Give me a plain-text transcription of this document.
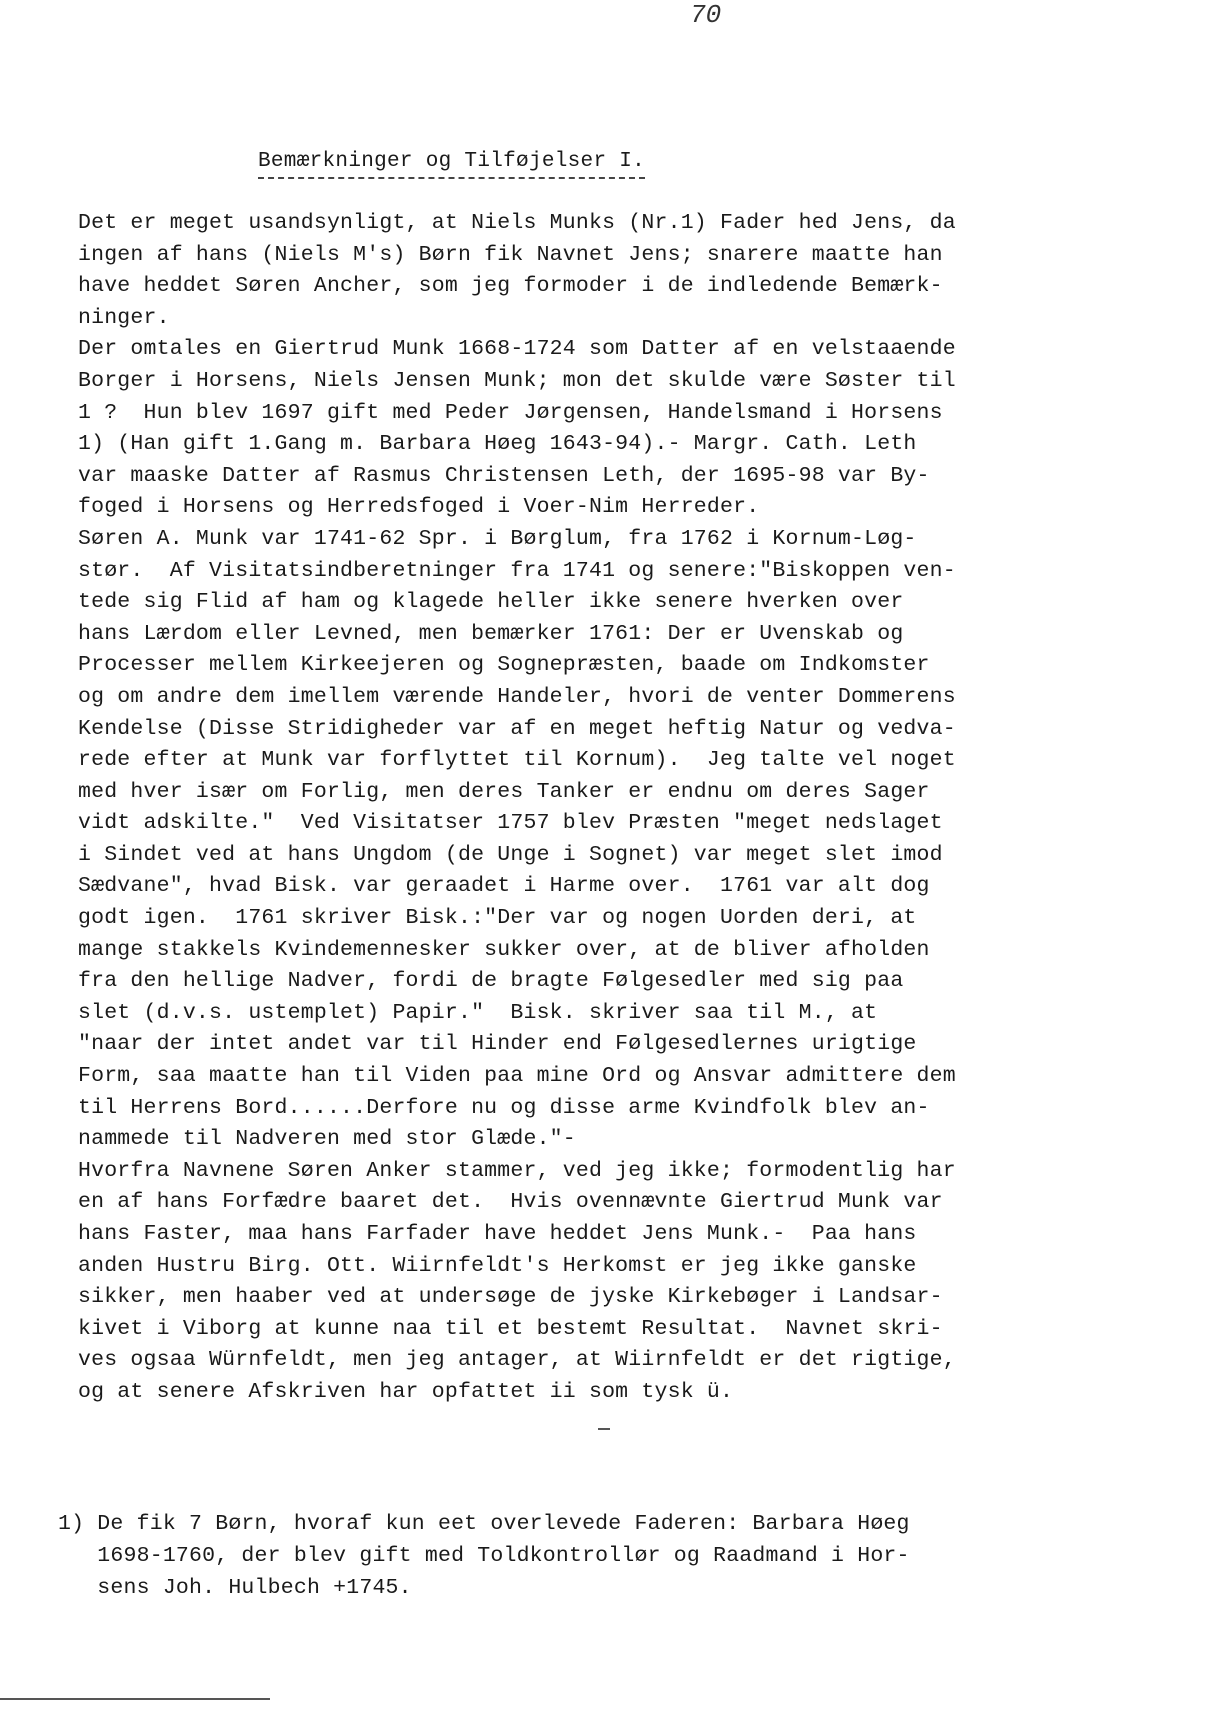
70
Bemærkninger og Tilføjelser I.
Det er meget usandsynligt, at Niels Munks (Nr.1) Fader hed Jens, da
ingen af hans (Niels M's) Børn fik Navnet Jens; snarere maatte han
have heddet Søren Ancher, som jeg formoder i de indledende Bemærk-
ninger.
Der omtales en Giertrud Munk 1668-1724 som Datter af en velstaaende
Borger i Horsens, Niels Jensen Munk; mon det skulde være Søster til
1 ?  Hun blev 1697 gift med Peder Jørgensen, Handelsmand i Horsens
1) (Han gift 1.Gang m. Barbara Høeg 1643-94).- Margr. Cath. Leth
var maaske Datter af Rasmus Christensen Leth, der 1695-98 var By-
foged i Horsens og Herredsfoged i Voer-Nim Herreder.
Søren A. Munk var 1741-62 Spr. i Børglum, fra 1762 i Kornum-Løg-
stør.  Af Visitatsindberetninger fra 1741 og senere:"Biskoppen ven-
tede sig Flid af ham og klagede heller ikke senere hverken over
hans Lærdom eller Levned, men bemærker 1761: Der er Uvenskab og
Processer mellem Kirkeejeren og Sognepræsten, baade om Indkomster
og om andre dem imellem værende Handeler, hvori de venter Dommerens
Kendelse (Disse Stridigheder var af en meget heftig Natur og vedva-
rede efter at Munk var forflyttet til Kornum).  Jeg talte vel noget
med hver især om Forlig, men deres Tanker er endnu om deres Sager
vidt adskilte."  Ved Visitatser 1757 blev Præsten "meget nedslaget
i Sindet ved at hans Ungdom (de Unge i Sognet) var meget slet imod
Sædvane", hvad Bisk. var geraadet i Harme over.  1761 var alt dog
godt igen.  1761 skriver Bisk.:"Der var og nogen Uorden deri, at
mange stakkels Kvindemennesker sukker over, at de bliver afholden
fra den hellige Nadver, fordi de bragte Følgesedler med sig paa
slet (d.v.s. ustemplet) Papir."  Bisk. skriver saa til M., at
"naar der intet andet var til Hinder end Følgesedlernes urigtige
Form, saa maatte han til Viden paa mine Ord og Ansvar admittere dem
til Herrens Bord......Derfore nu og disse arme Kvindfolk blev an-
nammede til Nadveren med stor Glæde."-
Hvorfra Navnene Søren Anker stammer, ved jeg ikke; formodentlig har
en af hans Forfædre baaret det.  Hvis ovennævnte Giertrud Munk var
hans Faster, maa hans Farfader have heddet Jens Munk.-  Paa hans
anden Hustru Birg. Ott. Wiirnfeldt's Herkomst er jeg ikke ganske
sikker, men haaber ved at undersøge de jyske Kirkebøger i Landsar-
kivet i Viborg at kunne naa til et bestemt Resultat.  Navnet skri-
ves ogsaa Würnfeldt, men jeg antager, at Wiirnfeldt er det rigtige,
og at senere Afskriven har opfattet ii som tysk ü.
1) De fik 7 Børn, hvoraf kun eet overlevede Faderen: Barbara Høeg
1698-1760, der blev gift med Toldkontrollør og Raadmand i Hor-
sens Joh. Hulbech +1745.
